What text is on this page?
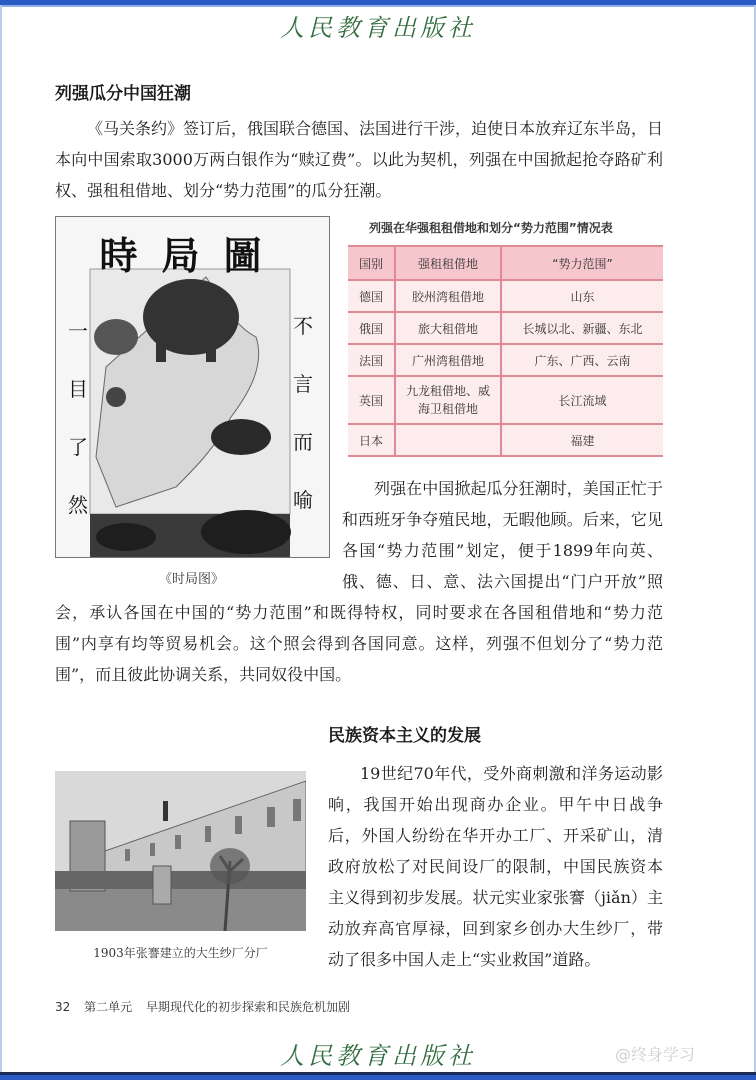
人民教育出版社
列强瓜分中国狂潮
《马关条约》签订后，俄国联合德国、法国进行干涉，迫使日本放弃辽东半岛，日本向中国索取3000万两白银作为“赎辽费”。以此为契机，列强在中国掀起抢夺路矿利权、强租租借地、划分“势力范围”的瓜分狂潮。
時局圖
一目了然
不言而喻
《时局图》
列强在华强租租借地和划分“势力范围”情况表
国别	强租租借地	“势力范围”
德国	胶州湾租借地	山东
俄国	旅大租借地	长城以北、新疆、东北
法国	广州湾租借地	广东、广西、云南
英国	九龙租借地、威海卫租借地	长江流域
日本		福建
列强在中国掀起瓜分狂潮时，美国正忙于和西班牙争夺殖民地，无暇他顾。后来，它见各国“势力范围”划定，便于1899年向英、俄、德、日、意、法六国提出“门户开放”照会，承认各国在中国的“势力范围”和既得特权，同时要求在各国租借地和“势力范围”内享有均等贸易机会。这个照会得到各国同意。这样，列强不但划分了“势力范围”，而且彼此协调关系，共同奴役中国。
民族资本主义的发展
1903年张謇建立的大生纱厂分厂
19世纪70年代，受外商刺激和洋务运动影响，我国开始出现商办企业。甲午中日战争后，外国人纷纷在华开办工厂、开采矿山，清政府放松了对民间设厂的限制，中国民族资本主义得到初步发展。状元实业家张謇（jiǎn）主动放弃高官厚禄，回到家乡创办大生纱厂，带动了很多中国人走上“实业救国”道路。
32 第二单元 早期现代化的初步探索和民族危机加剧
人民教育出版社	@终身学习
